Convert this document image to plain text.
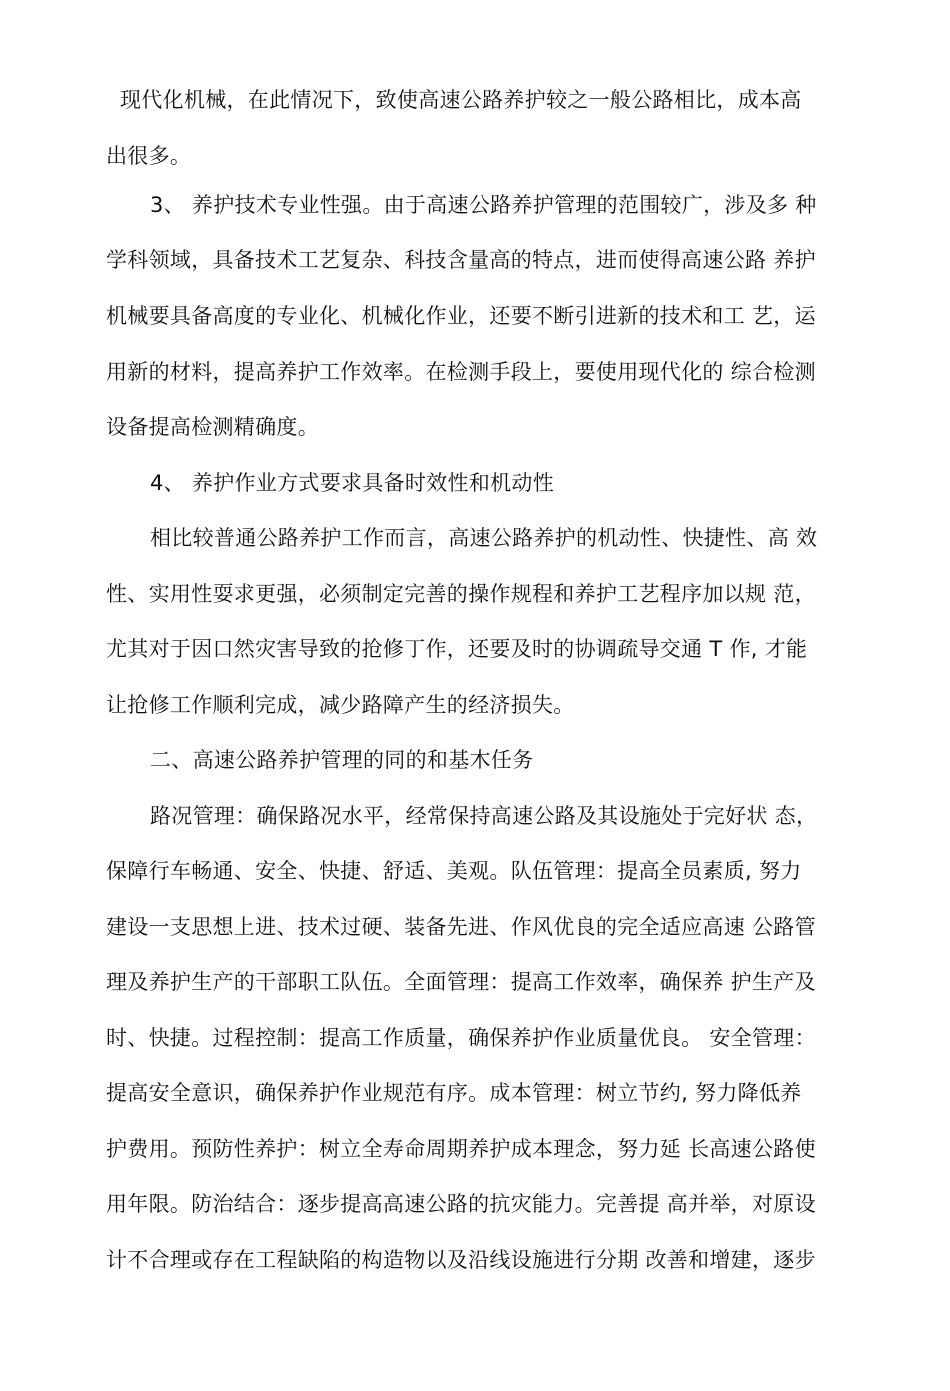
现代化机械，在此情况下，致使高速公路养护较之一般公路相比，成本高
出很多。
3、 养护技术专业性强。由于高速公路养护管理的范围较广，涉及多 种
学科领域，具备技术工艺复杂、科技含量高的特点，进而使得高速公路 养护
机械要具备高度的专业化、机械化作业，还要不断引进新的技术和工 艺，运
用新的材料，提高养护工作效率。在检测手段上，要使用现代化的 综合检测
设备提高检测精确度。
4、 养护作业方式要求具备时效性和机动性
相比较普通公路养护工作而言，高速公路养护的机动性、快捷性、高 效
性、实用性耍求更强，必须制定完善的操作规程和养护工艺程序加以规 范，
尤其对于因口然灾害导致的抢修丁作，还要及时的协调疏导交通 T 作, 才能
让抢修工作顺利完成，减少路障产生的经济损失。
二、高速公路养护管理的同的和基木任务
路况管理：确保路况水平，经常保持高速公路及其设施处于完好状 态，
保障行车畅通、安全、快捷、舒适、美观。队伍管理：提高全员素质, 努力
建设一支思想上进、技术过硬、装备先进、作风优良的完全适应高速 公路管
理及养护生产的干部职工队伍。全面管理：提高工作效率，确保养 护生产及
时、快捷。过程控制：提高工作质量，确保养护作业质量优良。 安全管理：
提高安全意识，确保养护作业规范有序。成本管理：树立节约, 努力降低养
护费用。预防性养护：树立全寿命周期养护成本理念，努力延 长高速公路使
用年限。防治结合：逐步提高高速公路的抗灾能力。完善提 高并举，对原设
计不合理或存在工程缺陷的构造物以及沿线设施进行分期 改善和增建，逐步
